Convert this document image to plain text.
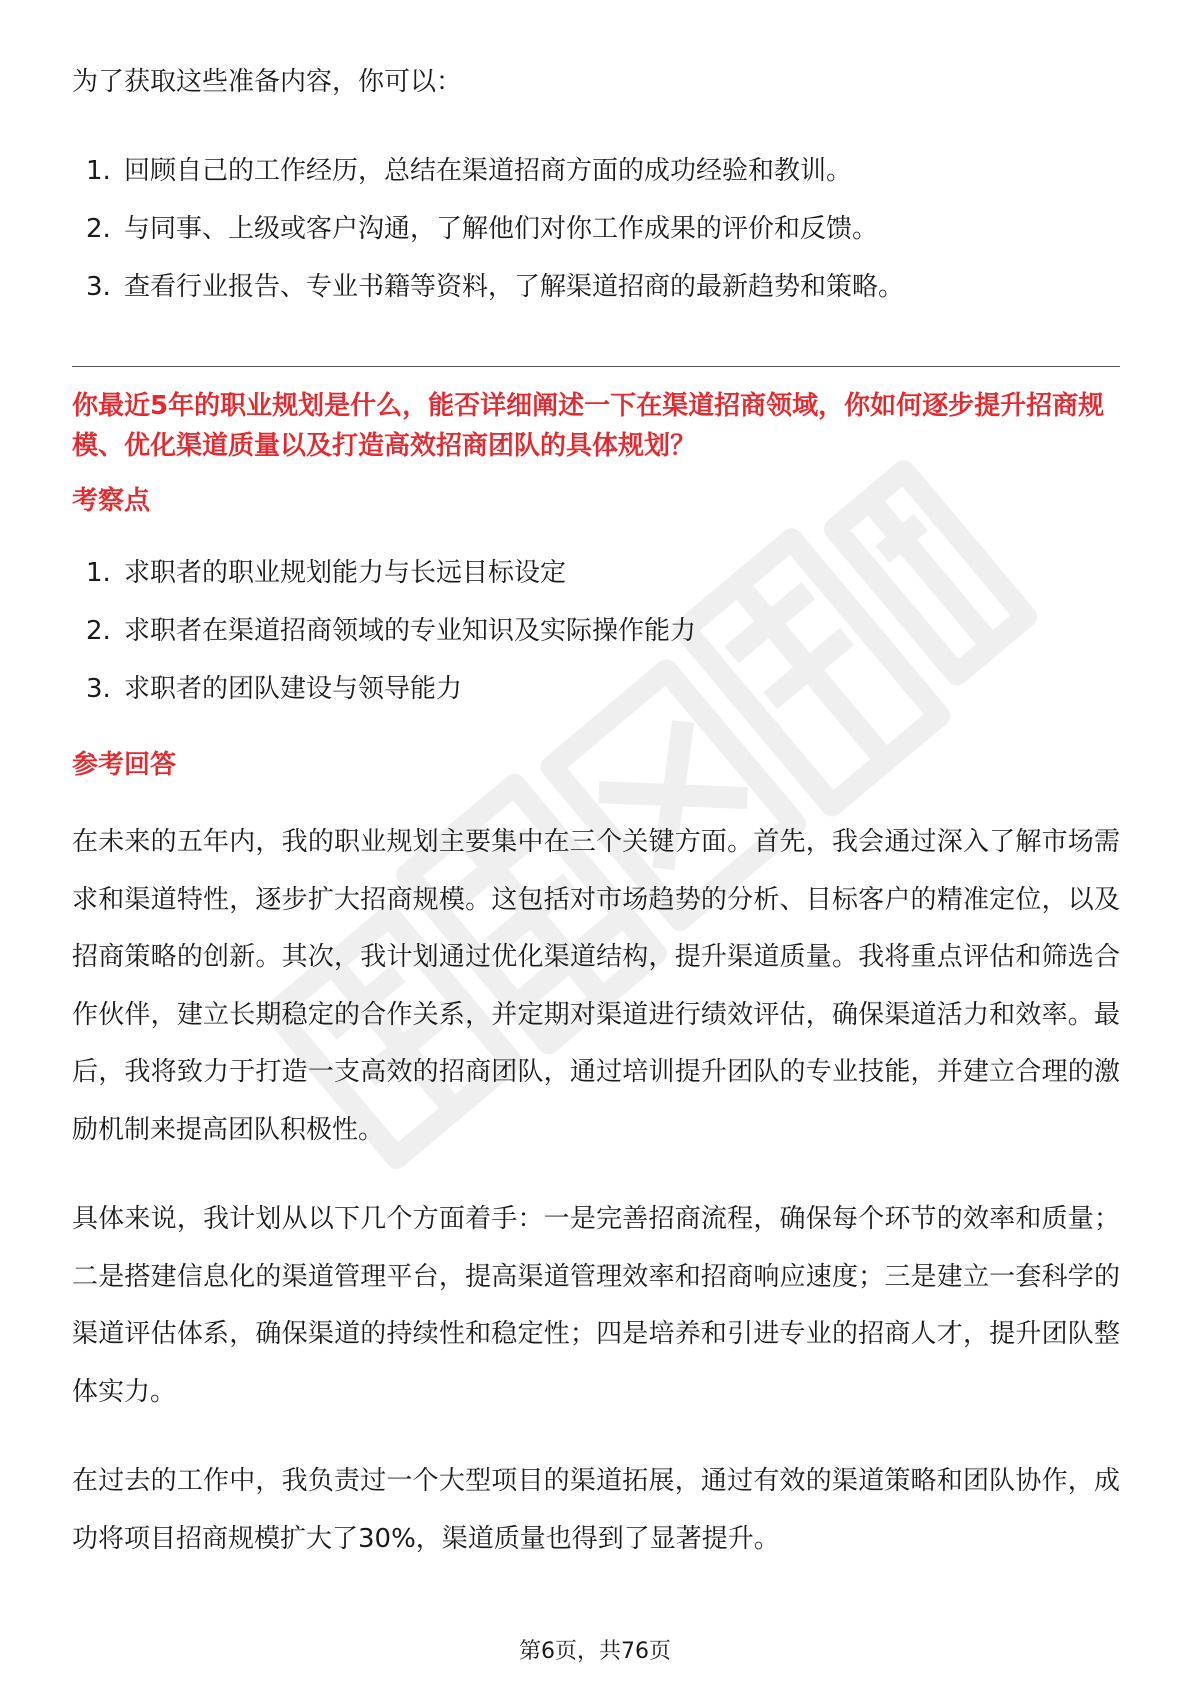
为了获取这些准备内容，你可以：

1. 回顾自己的工作经历，总结在渠道招商方面的成功经验和教训。
2. 与同事、上级或客户沟通，了解他们对你工作成果的评价和反馈。
3. 查看行业报告、专业书籍等资料，了解渠道招商的最新趋势和策略。
你最近5年的职业规划是什么，能否详细阐述一下在渠道招商领域，你如何逐步提升招商规模、优化渠道质量以及打造高效招商团队的具体规划？
考察点
1. 求职者的职业规划能力与长远目标设定
2. 求职者在渠道招商领域的专业知识及实际操作能力
3. 求职者的团队建设与领导能力
参考回答

在未来的五年内，我的职业规划主要集中在三个关键方面。首先，我会通过深入了解市场需求和渠道特性，逐步扩大招商规模。这包括对市场趋势的分析、目标客户的精准定位，以及招商策略的创新。其次，我计划通过优化渠道结构，提升渠道质量。我将重点评估和筛选合作伙伴，建立长期稳定的合作关系，并定期对渠道进行绩效评估，确保渠道活力和效率。最后，我将致力于打造一支高效的招商团队，通过培训提升团队的专业技能，并建立合理的激励机制来提高团队积极性。

具体来说，我计划从以下几个方面着手：一是完善招商流程，确保每个环节的效率和质量；二是搭建信息化的渠道管理平台，提高渠道管理效率和招商响应速度；三是建立一套科学的渠道评估体系，确保渠道的持续性和稳定性；四是培养和引进专业的招商人才，提升团队整体实力。

在过去的工作中，我负责过一个大型项目的渠道拓展，通过有效的渠道策略和团队协作，成功将项目招商规模扩大了30%，渠道质量也得到了显著提升。

第6页，共76页
